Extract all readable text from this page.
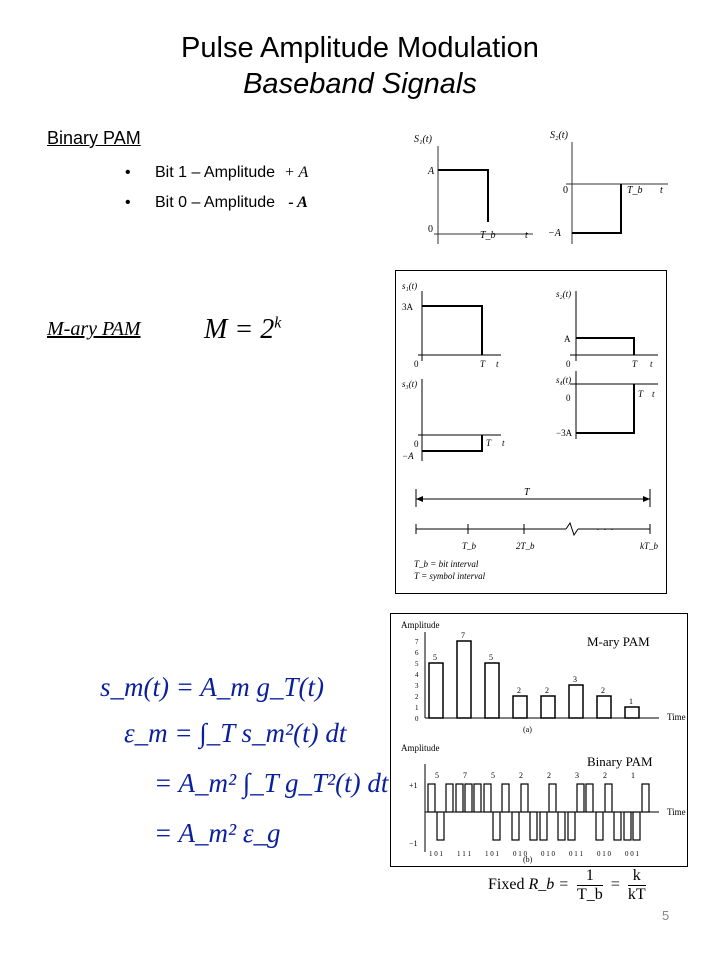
Pulse Amplitude Modulation
Baseband Signals
Binary PAM
• Bit 1 – Amplitude + A
• Bit 0 – Amplitude - A
S₁(t)
A
0
T_b	t
S₂(t)
0
−A
T_b t
M-ary PAM $M = 2^k$
s₁(t)
3A
0	T t
s₂(t)
A
0	T t
s₃(t)
0
−A
T t
s₄(t)
0
−3A
T t
T
· · ·
T_b	2T_b	kT_b
T_b = bit interval
T = symbol interval
Amplitude
M-ary PAM
Time
(a)
7
6
5
4
3
2
1
0
5
7
5
2	2
3
2
1
Binary PAM
Amplitude
+1
−1
Time
(b)
5
1 0 1
7
1 1 1
5
1 0 1
2
0 1 0
2
0 1 0
3
0 1 1
2
0 1 0
1
0 0 1
Fixed R_b = $\frac{1}{T\_b} = \frac{k}{kT}$
s_m(t) = A_m g_T(t)
ε_m = ∫_T s_m²(t) dt
= A_m² ∫_T g_T²(t) dt
= A_m² ε_g
5
